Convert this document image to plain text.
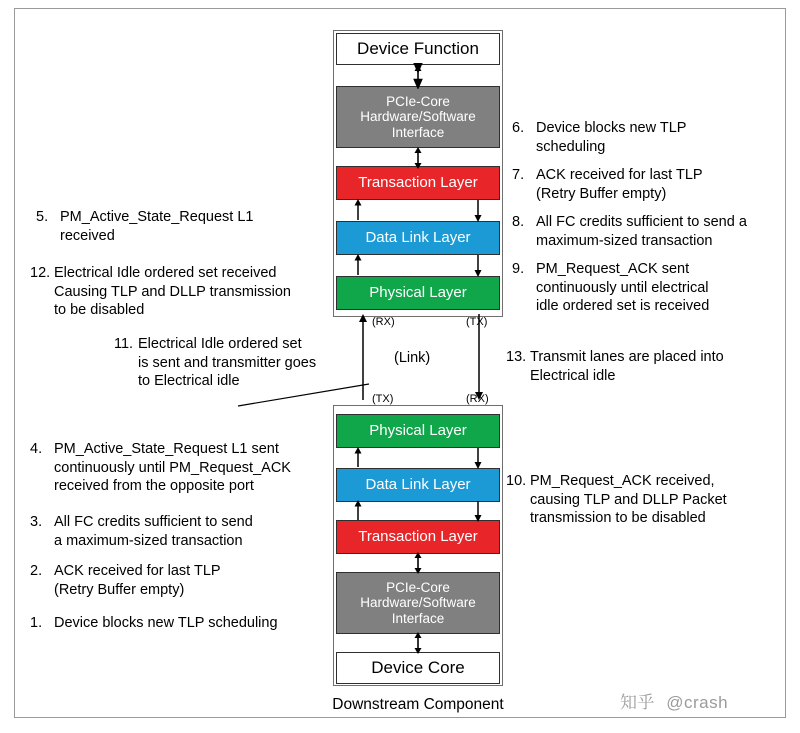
Device Function
PCIe-Core
Hardware/Software
Interface
Transaction Layer
Data Link Layer
Physical Layer
(RX)	(TX)
(Link)
(TX)	(RX)
Physical Layer
Data Link Layer
Transaction Layer
PCIe-Core
Hardware/Software
Interface
Device Core
5. PM_Active_State_Request L1
received
12. Electrical Idle ordered set received
Causing TLP and DLLP transmission
to be disabled
11. Electrical Idle ordered set
is sent and transmitter goes
to Electrical idle
4. PM_Active_State_Request L1 sent
continuously until PM_Request_ACK
received from the opposite port
3. All FC credits sufficient to send
a maximum-sized transaction
2. ACK received for last TLP
(Retry Buffer empty)
1. Device blocks new TLP scheduling
6. Device blocks new TLP
scheduling
7. ACK received for last TLP
(Retry Buffer empty)
8. All FC credits sufficient to send a
maximum-sized transaction
9. PM_Request_ACK sent
continuously until electrical
idle ordered set is received
13. Transmit lanes are placed into
Electrical idle
10. PM_Request_ACK received,
causing TLP and DLLP Packet
transmission to be disabled
Downstream Component	知乎 @crash
